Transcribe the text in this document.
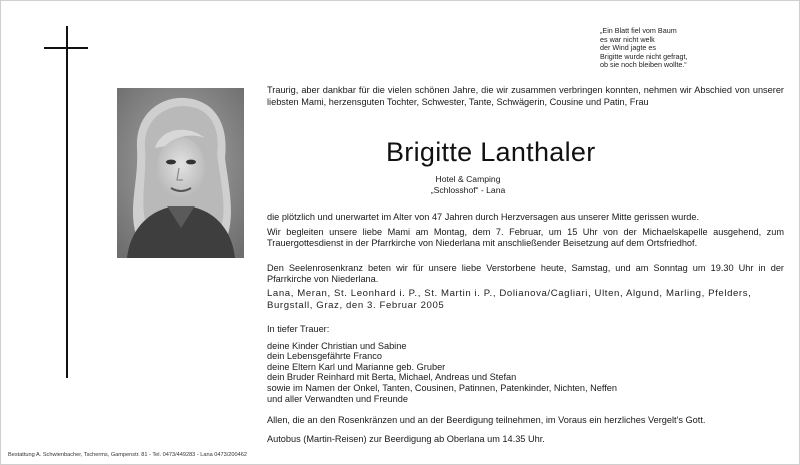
„Ein Blatt fiel vom Baum
es war nicht welk
der Wind jagte es
Brigitte wurde nicht gefragt,
ob sie noch bleiben wollte.“
Traurig, aber dankbar für die vielen schönen Jahre, die wir zusammen verbringen konnten, nehmen wir Abschied von unserer liebsten Mami, herzensguten Tochter, Schwester, Tante, Schwägerin, Cousine und Patin, Frau
Brigitte Lanthaler
Hotel & Camping
„Schlosshof“ - Lana
die plötzlich und unerwartet im Alter von 47 Jahren durch Herzversagen aus unserer Mitte gerissen wurde.
Wir begleiten unsere liebe Mami am Montag, dem 7. Februar, um 15 Uhr von der Michaelskapelle ausgehend, zum Trauergottesdienst in der Pfarrkirche von Niederlana mit anschließender Beisetzung auf dem Ortsfriedhof.
Den Seelenrosenkranz beten wir für unsere liebe Verstorbene heute, Samstag, und am Sonntag um 19.30 Uhr in der Pfarrkirche von Niederlana.
Lana, Meran, St. Leonhard i. P., St. Martin i. P., Dolianova/Cagliari, Ulten, Algund, Marling, Pfelders, Burgstall, Graz, den 3. Februar 2005
In tiefer Trauer:
deine Kinder Christian und Sabine
dein Lebensgefährte Franco
deine Eltern Karl und Marianne geb. Gruber
dein Bruder Reinhard mit Berta, Michael, Andreas und Stefan
sowie im Namen der Onkel, Tanten, Cousinen, Patinnen, Patenkinder, Nichten, Neffen
und aller Verwandten und Freunde
Allen, die an den Rosenkränzen und an der Beerdigung teilnehmen, im Voraus ein herzliches Vergelt's Gott.
Autobus (Martin-Reisen) zur Beerdigung ab Oberlana um 14.35 Uhr.
Bestattung A. Schwienbacher, Tscherms, Gampenstr. 81 - Tel. 0473/449283 - Lana 0473/200462
